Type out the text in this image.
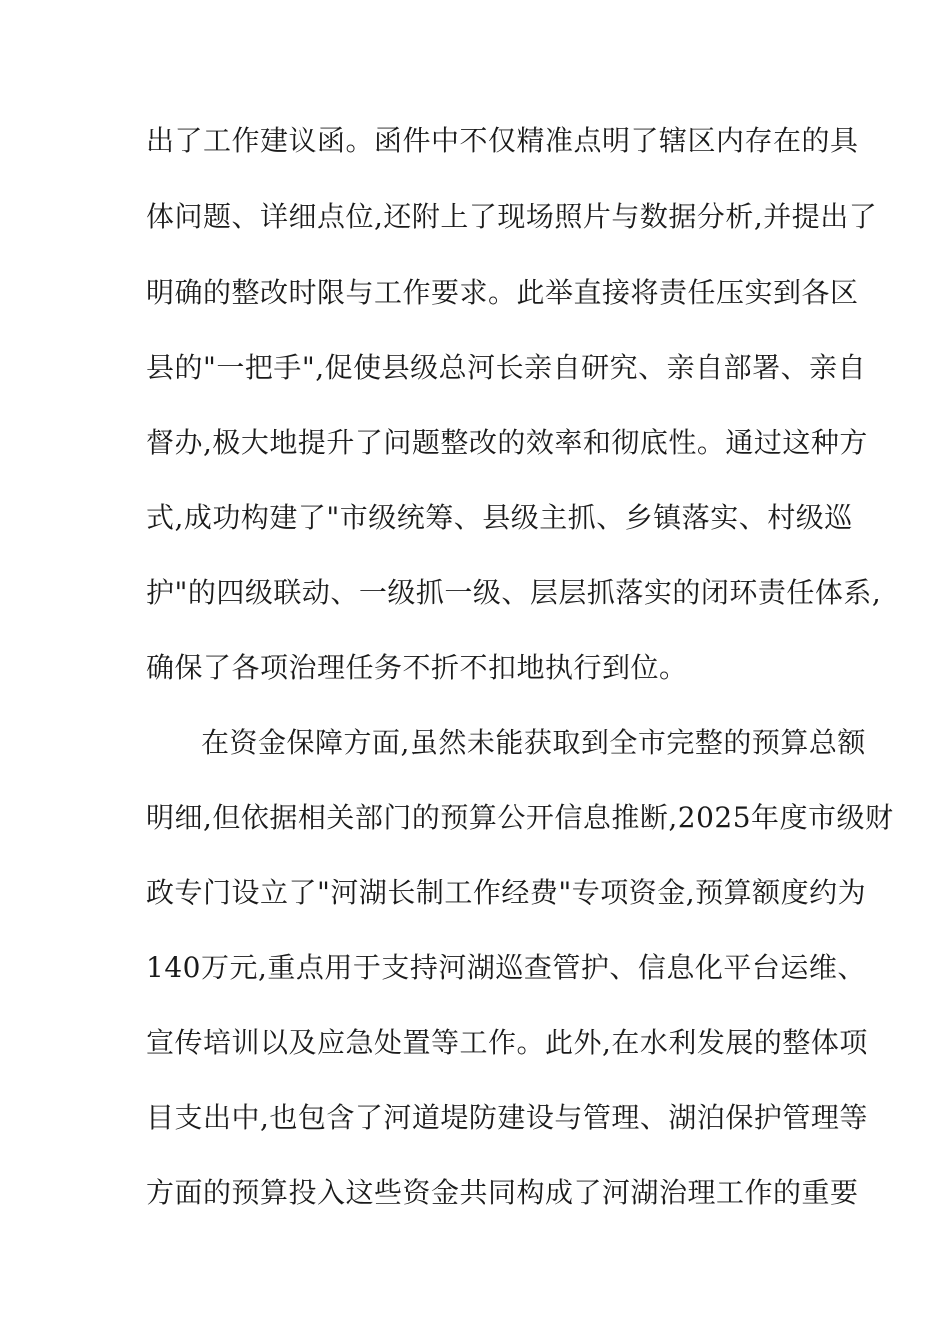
出了工作建议函。函件中不仅精准点明了辖区内存在的具
体问题、详细点位,还附上了现场照片与数据分析,并提出了
明确的整改时限与工作要求。此举直接将责任压实到各区
县的"一把手",促使县级总河长亲自研究、亲自部署、亲自
督办,极大地提升了问题整改的效率和彻底性。通过这种方
式,成功构建了"市级统筹、县级主抓、乡镇落实、村级巡
护"的四级联动、一级抓一级、层层抓落实的闭环责任体系,
确保了各项治理任务不折不扣地执行到位。
在资金保障方面,虽然未能获取到全市完整的预算总额
明细,但依据相关部门的预算公开信息推断,2025年度市级财
政专门设立了"河湖长制工作经费"专项资金,预算额度约为
140万元,重点用于支持河湖巡查管护、信息化平台运维、
宣传培训以及应急处置等工作。此外,在水利发展的整体项
目支出中,也包含了河道堤防建设与管理、湖泊保护管理等
方面的预算投入这些资金共同构成了河湖治理工作的重要
